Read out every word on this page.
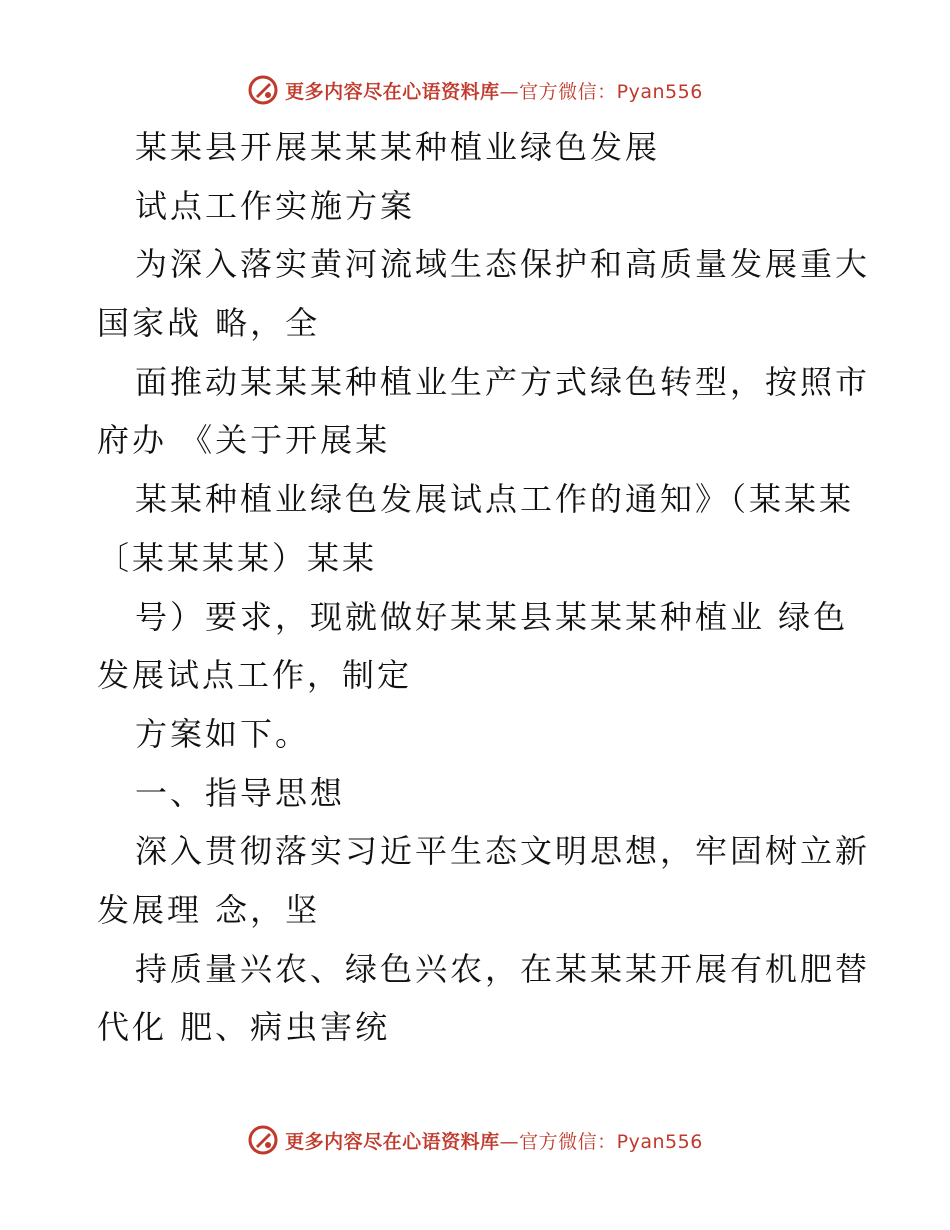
更多内容尽在心语资料库—官方微信：Pyan556
某某县开展某某某种植业绿色发展
试点工作实施方案
为深入落实黄河流域生态保护和高质量发展重大
国家战 略，全
面推动某某某种植业生产方式绿色转型，按照市
府办 《关于开展某
某某种植业绿色发展试点工作的通知》（某某某
〔某某某某）某某
号）要求，现就做好某某县某某某种植业 绿色
发展试点工作，制定
方案如下。
一、指导思想
深入贯彻落实习近平生态文明思想，牢固树立新
发展理 念，坚
持质量兴农、绿色兴农，在某某某开展有机肥替
代化 肥、病虫害统
更多内容尽在心语资料库—官方微信：Pyan556
